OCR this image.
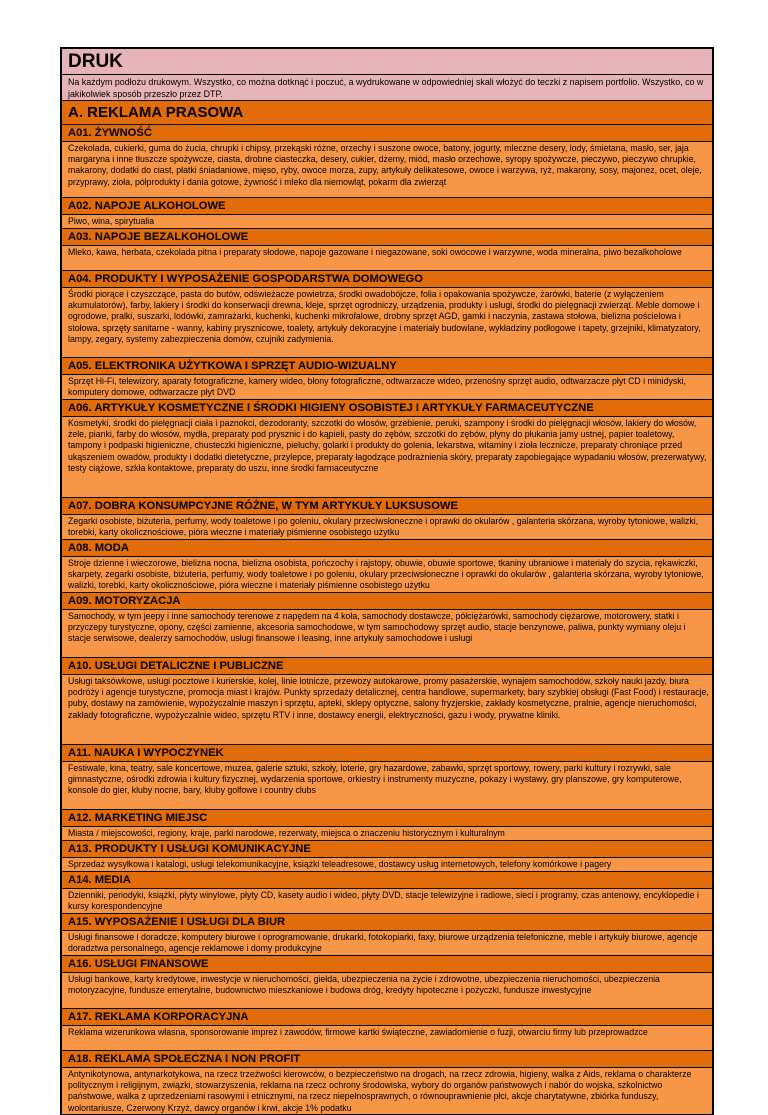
DRUK
Na każdym podłożu drukowym. Wszystko, co można dotknąć i poczuć, a wydrukowane w odpowiedniej skali włożyć do teczki z napisem portfolio. Wszystko, co w jakikolwiek sposób przeszło przez DTP.
A. REKLAMA PRASOWA
A01. ŻYWNOŚĆ
Czekolada, cukierki, guma do żucia, chrupki i chipsy, przekąski różne, orzechy i suszone owoce, batony, jogurty, mleczne desery, lody, śmietana, masło, ser, jaja margaryna i inne tłuszcze spożywcze, ciasta, drobne ciasteczka, desery, cukier, dżemy, miód, masło orzechowe, syropy spożywcze, pieczywo, pieczywo chrupkie, makarony, dodatki do ciast, płatki śniadaniowe, mięso, ryby, owoce morza, zupy, artykuły delikatesowe, owoce i warzywa, ryż, makarony, sosy, majonez, ocet, oleje, przyprawy, zioła, półprodukty i dania gotowe, żywność i mleko dla niemowląt, pokarm dla zwierząt
A02. NAPOJE ALKOHOLOWE
Piwo, wina, spirytualia
A03. NAPOJE BEZALKOHOLOWE
Mleko, kawa, herbata, czekolada pitna i preparaty słodowe, napoje gazowane i niegazowane, soki owocowe i warzywne, woda mineralna, piwo bezalkoholowe
A04. PRODUKTY I WYPOSAŻENIE GOSPODARSTWA DOMOWEGO
Środki piorące i czyszczące, pasta do butów, odświeżacze powietrza, środki owadobójcze, folia i opakowania spożywcze, żarówki, baterie (z wyłączeniem akumulatorów), farby, lakiery i środki do konserwacji drewna, kleje, sprzęt ogrodniczy, urządzenia, produkty i usługi, środki do pielęgnacji zwierząt. Meble domowe i ogrodowe, pralki, suszarki, lodówki, zamrażarki, kuchenki, kuchenki mikrofalowe, drobny sprzęt AGD, gamki i naczynia, zastawa stołowa, bielizna pościelowa i stołowa, sprzęty sanitarne - wanny, kabiny prysznicowe, toalety, artykuły dekoracyjne i materiały budowlane, wykładziny podłogowe i tapety, grzejniki, klimatyzatory, lampy, zegary, systemy zabezpieczenia domów, czujniki zadymienia.
A05. ELEKTRONIKA UŻYTKOWA I SPRZĘT AUDIO-WIZUALNY
Sprzęt Hi-Fi, telewizory, aparaty fotograficzne, kamery wideo, błony fotograficzne, odtwarzacze wideo, przenośny sprzęt audio, odtwarzacze płyt CD i minidyski, komputery domowe, odtwarzacze płyt DVD
A06. ARTYKUŁY KOSMETYCZNE I ŚRODKI HIGIENY OSOBISTEJ I ARTYKUŁY FARMACEUTYCZNE
Kosmetyki, środki do pielęgnacji ciała i paznokci, dezodoranty, szczotki do włosów, grzebienie, peruki, szampony i środki do pielęgnacji włosów, lakiery do włosów, żele, pianki, farby do włosów, mydła, preparaty pod prysznic i do kąpieli, pasty do zębów, szczotki do zębów, płyny do płukania jamy ustnej, papier toaletowy, tampony i podpaski higieniczne, chusteczki higieniczne, pieluchy, golarki i produkty do golenia, lekarstwa, witaminy i zioła lecznicze, preparaty chroniące przed ukąszeniem owadów, produkty i dodatki dietetyczne, przylepce, preparaty łagodzące podrażnienia skóry, preparaty zapobiegające wypadaniu włosów, prezerwatywy, testy ciążowe, szkła kontaktowe, preparaty do uszu, inne środki farmaceutyczne
A07. DOBRA KONSUMPCYJNE RÓŻNE, W TYM ARTYKUŁY LUKSUSOWE
Zegarki osobiste, biżuteria, perfumy, wody toaletowe i po goleniu, okulary przeciwsłoneczne i oprawki do okularów , galanteria skórzana, wyroby tytoniowe, walizki, torebki, karty okolicznościowe, pióra wieczne i materiały piśmienne osobistego użytku
A08. MODA
Stroje dzienne i wieczorowe, bielizna nocna, bielizna osobista, pończochy i rajstopy, obuwie, obuwie sportowe, tkaniny ubraniowe i materiały do szycia, rękawiczki, skarpety, zegarki osobiste, biżuteria, perfumy, wody toaletowe i po goleniu, okulary przeciwsłoneczne i oprawki do okularów , galanteria skórzana, wyroby tytoniowe, walizki, torebki, karty okolicznościowe, pióra wieczne i materiały piśmienne osobistego użytku
A09. MOTORYZACJA
Samochody, w tym jeepy i inne samochody terenowe z napędem na 4 koła, samochody dostawcze, półciężarówki, samochody ciężarowe, motorowery, statki i przyczepy turystyczne, opony, części zamienne, akcesoria samochodowe, w tym samochodowy sprzęt audio, stacje benzynowe, paliwa, punkty wymiany oleju i stacje serwisowe, dealerzy samochodów, usługi finansowe i leasing, inne artykuły samochodowe i usługi
A10. USŁUGI DETALICZNE I PUBLICZNE
Usługi taksówkowe, usługi pocztowe i kurierskie, kolej, linie lotnicze, przewozy autokarowe, promy pasażerskie, wynajem samochodów, szkoły nauki jazdy, biura podróży i agencje turystyczne, promocja miast i krajów. Punkty sprzedaży detalicznej, centra handlowe, supermarkety, bary szybkiej obsługi (Fast Food) i restauracje, puby, dostawy na zamówienie, wypożyczalnie maszyn i sprzętu, apteki, sklepy optyczne, salony fryzjerskie, zakłady kosmetyczne, pralnie, agencje nieruchomości, zakłady fotograficzne, wypożyczalnie wideo, sprzętu RTV i inne, dostawcy energii, elektryczności, gazu i wody, prywatne kliniki.
A11. NAUKA I WYPOCZYNEK
Festiwale, kina, teatry, sale koncertowe, muzea, galerie sztuki, szkoły, loterie, gry hazardowe, zabawki, sprzęt sportowy, rowery, parki kultury i rozrywki, sale gimnastyczne, ośrodki zdrowia i kultury fizycznej, wydarzenia sportowe, orkiestry i instrumenty muzyczne, pokazy i wystawy, gry planszowe, gry komputerowe, konsole do gier, kluby nocne, bary, kluby golfowe i country clubs
A12. MARKETING MIEJSC
Miasta / miejscowości, regiony, kraje, parki narodowe, rezerwaty, miejsca o znaczeniu historycznym i kulturalnym
A13. PRODUKTY I USŁUGI KOMUNIKACYJNE
Sprzedaż wysyłkowa i katalogi, usługi telekomunikacyjne, książki teleadresowe, dostawcy usług internetowych, telefony komórkowe i pagery
A14. MEDIA
Dzienniki, periodyki, książki, płyty winylowe, płyty CD, kasety audio i wideo, płyty DVD, stacje telewizyjne i radiowe, sieci i programy, czas antenowy, encyklopedie i kursy korespondencyjne
A15. WYPOSAŻENIE I USŁUGI DLA BIUR
Usługi finansowe i doradcze, komputery biurowe i oprogramowanie, drukarki, fotokopiarki, faxy, biurowe urządzenia telefoniczne, meble i artykuły biurowe, agencje doradztwa personalnego, agencje reklamowe i domy produkcyjne
A16. USŁUGI FINANSOWE
Usługi bankowe, karty kredytowe, inwestycje w nieruchomości, giełda, ubezpieczenia na życie i zdrowotne, ubezpieczenia nieruchomości, ubezpieczenia motoryzacyjne, fundusze emerytalne, budownictwo mieszkaniowe i budowa dróg, kredyty hipoteczne i pożyczki, fundusze inwestycyjne
A17. REKLAMA KORPORACYJNA
Reklama wizerunkowa własna, sponsorowanie imprez i zawodów, firmowe kartki świąteczne, zawiadomienie o fuzji, otwarciu firmy lub przeprowadzce
A18. REKLAMA SPOŁECZNA I NON PROFIT
Antynikotynowa, antynarkotykowa, na rzecz trzeźwości kierowców, o bezpieczeństwo na drogach, na rzecz zdrowia, higieny, walka z Aids, reklama o charakterze politycznym i religijnym, związki, stowarzyszenia, reklama na rzecz ochrony środowiska, wybory do organów państwowych i nabór do wojska, szkolnictwo państwowe, walka z uprzedzeniami rasowymi i etnicznymi, na rzecz niepełnosprawnych, o równouprawnienie płci, akcje charytatywne, zbiórka funduszy, wolontariusze, Czerwony Krzyż, dawcy organów i krwi, akcje 1% podatku
